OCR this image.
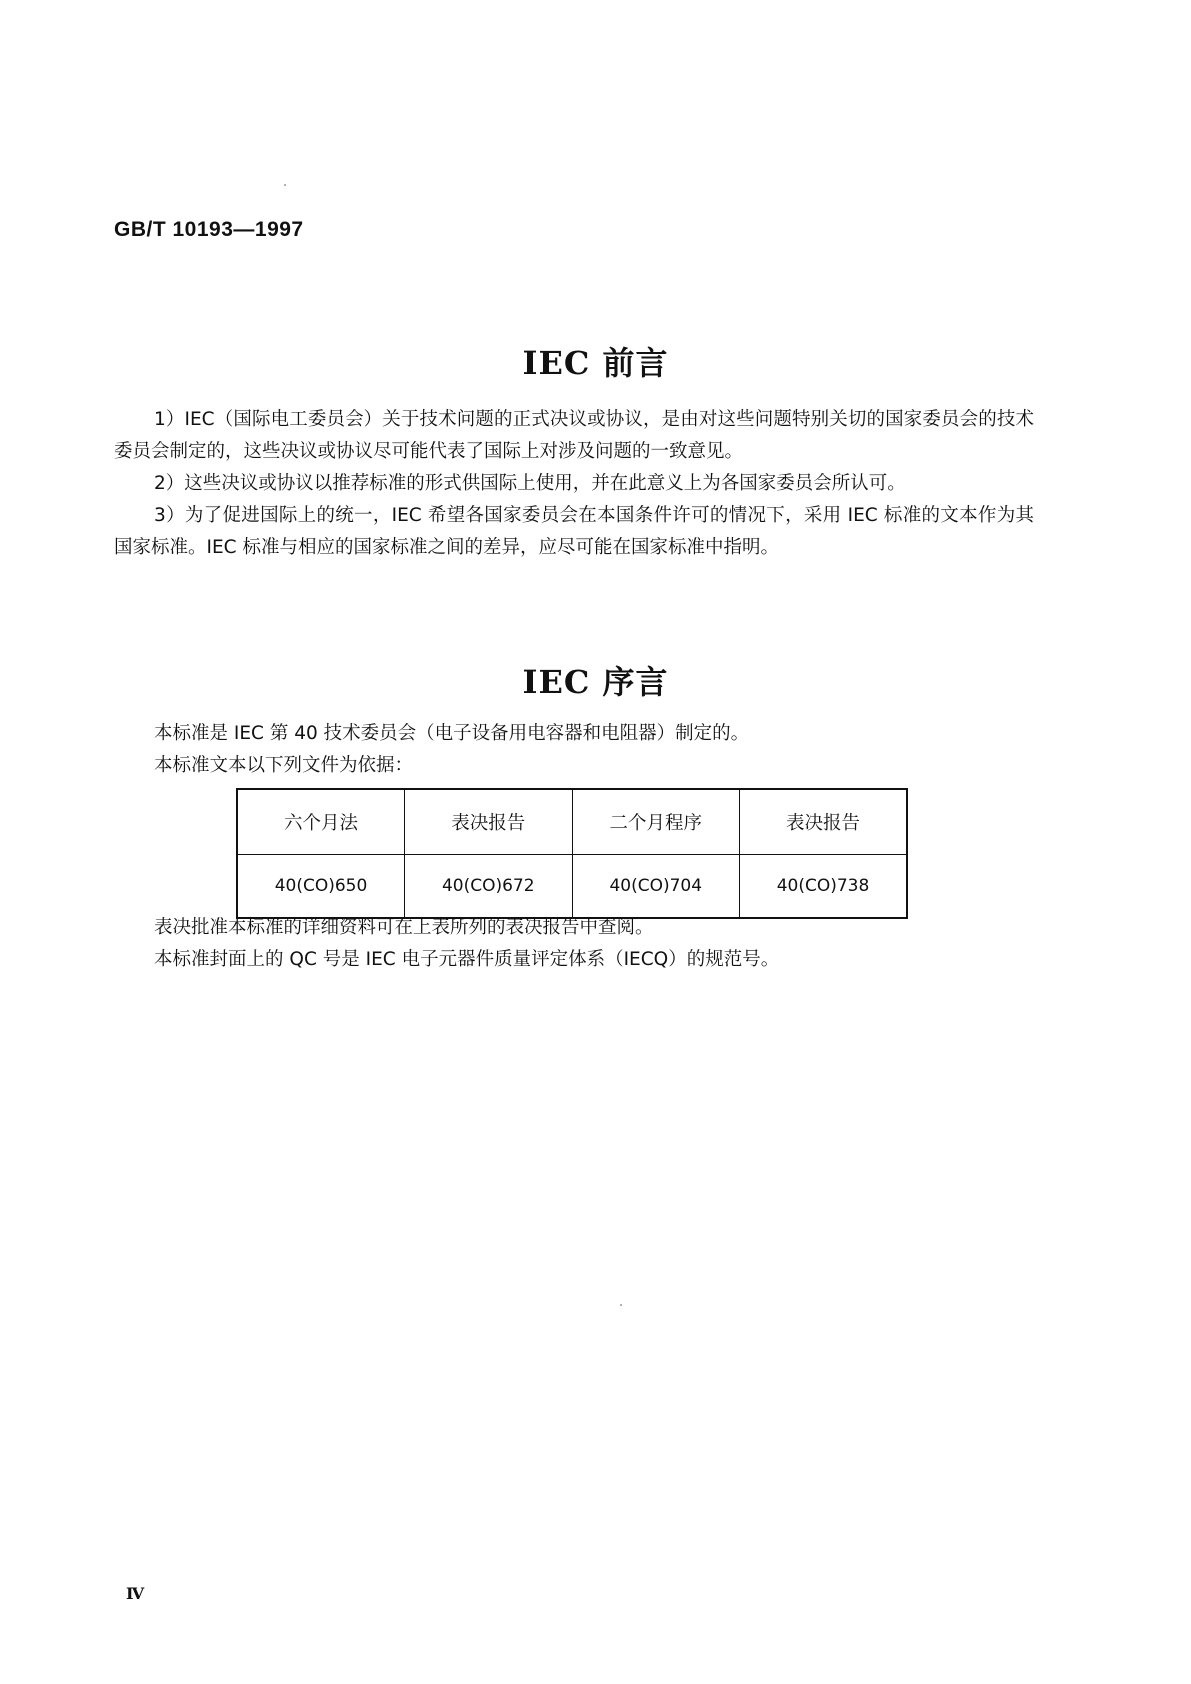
GB/T 10193—1997
IEC 前言

1）IEC（国际电工委员会）关于技术问题的正式决议或协议，是由对这些问题特别关切的国家委员会的技术委员会制定的，这些决议或协议尽可能代表了国际上对涉及问题的一致意见。

2）这些决议或协议以推荐标准的形式供国际上使用，并在此意义上为各国家委员会所认可。

3）为了促进国际上的统一，IEC 希望各国家委员会在本国条件许可的情况下，采用 IEC 标准的文本作为其国家标准。IEC 标准与相应的国家标准之间的差异，应尽可能在国家标准中指明。

IEC 序言

本标准是 IEC 第 40 技术委员会（电子设备用电容器和电阻器）制定的。

本标准文本以下列文件为依据：

六个月法	表决报告	二个月程序	表决报告
40(CO)650	40(CO)672	40(CO)704	40(CO)738

表决批准本标准的详细资料可在上表所列的表决报告中查阅。

本标准封面上的 QC 号是 IEC 电子元器件质量评定体系（IECQ）的规范号。

Ⅳ
